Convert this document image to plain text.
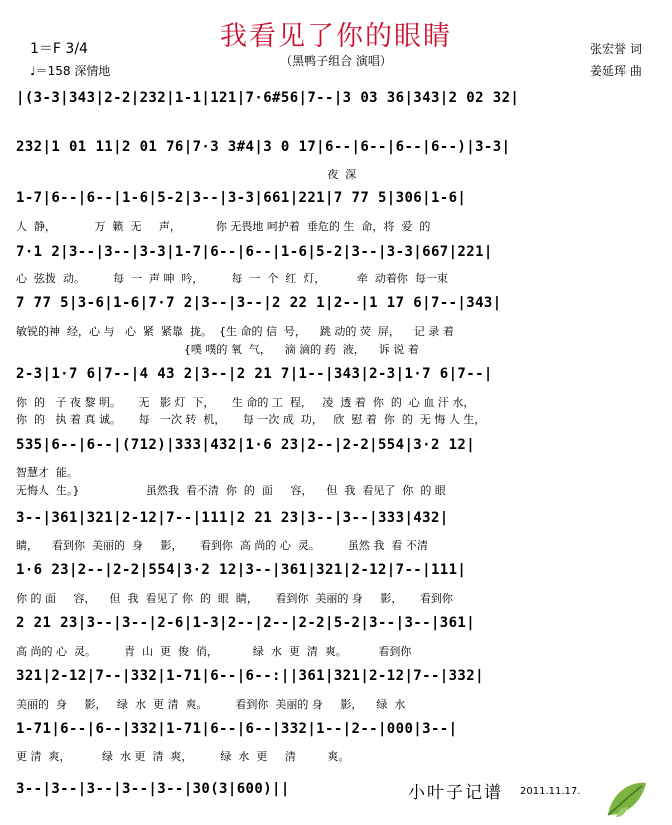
我看见了你的眼睛
（黑鸭子组合 演唱）
1＝F 3/4
♩＝158 深情地
张宏誉 词
姜延珲 曲
|(3-3|343|2-2|232|1-1|121|7·6#56|7--|3 03 36|343|2 02 32|
232|1 01 11|2 01 76|7·3 3#4|3 0 17|6--|6--|6--|6--)|3-3|
夜  深
1-7|6--|6--|1-6|5-2|3--|3-3|661|221|7 77 5|306|1-6|
人  静，           万  籁  无     声，          你 无畏地 呵护着  垂危的 生  命，将  爱  的
7·1 2|3--|3--|3-3|1-7|6--|6--|1-6|5-2|3--|3-3|667|221|
心  弦拨  动。        每  一  声 呻  吟，        每  一  个  红  灯，         牵  动着你  每一束
7 77 5|3-6|1-6|7·7 2|3--|3--|2 22 1|2--|1 17 6|7--|343|
敏锐的神  经，心 与   心  紧  紧靠  拢。  {生 命的 信  号，    跳 动的 荧  屏，    记 录 着
{噗 噗的 氧  气，    滴 滴的 药  液，    诉 说 着
2-3|1·7 6|7--|4 43 2|3--|2 21 7|1--|343|2-3|1·7 6|7--|
你  的   子 夜 黎 明。     无   影 灯  下，     生 命的 工  程，   凌  透 着  你  的  心 血 汗 水，
你  的   执 着 真 诚。     每   一次 转  机，     每 一次 成  功，   欣  慰 着  你  的  无 悔 人 生，
535|6--|6--|(712)|333|432|1·6 23|2--|2-2|554|3·2 12|
智慧才  能。
无悔人  生。}                   虽然我  看不清  你  的  面     容，    但  我  看见了  你  的 眼
3--|361|321|2-12|7--|111|2 21 23|3--|3--|333|432|
睛，    看到你  美丽的  身     影，     看到你  高 尚的 心  灵。        虽然 我  看 不清
1·6 23|2--|2-2|554|3·2 12|3--|361|321|2-12|7--|111|
你 的 面     容，    但  我  看见了 你  的  眼  睛，     看到你  美丽的 身     影，     看到你
2 21 23|3--|3--|2-6|1-3|2--|2--|2-2|5-2|3--|3--|361|
高 尚的 心  灵。        青  山  更  俊  俏，          绿  水  更  清  爽。         看到你
321|2-12|7--|332|1-71|6--|6--:||361|321|2-12|7--|332|
美丽的  身     影，   绿  水  更 清  爽。        看到你  美丽的 身     影，    绿  水
1-71|6--|6--|332|1-71|6--|6--|332|1--|2--|000|3--|
更 清  爽，         绿  水 更  清  爽，        绿  水  更     清         爽。
3--|3--|3--|3--|3--|30(3|600)||	小叶子记谱 2011.11.17.
